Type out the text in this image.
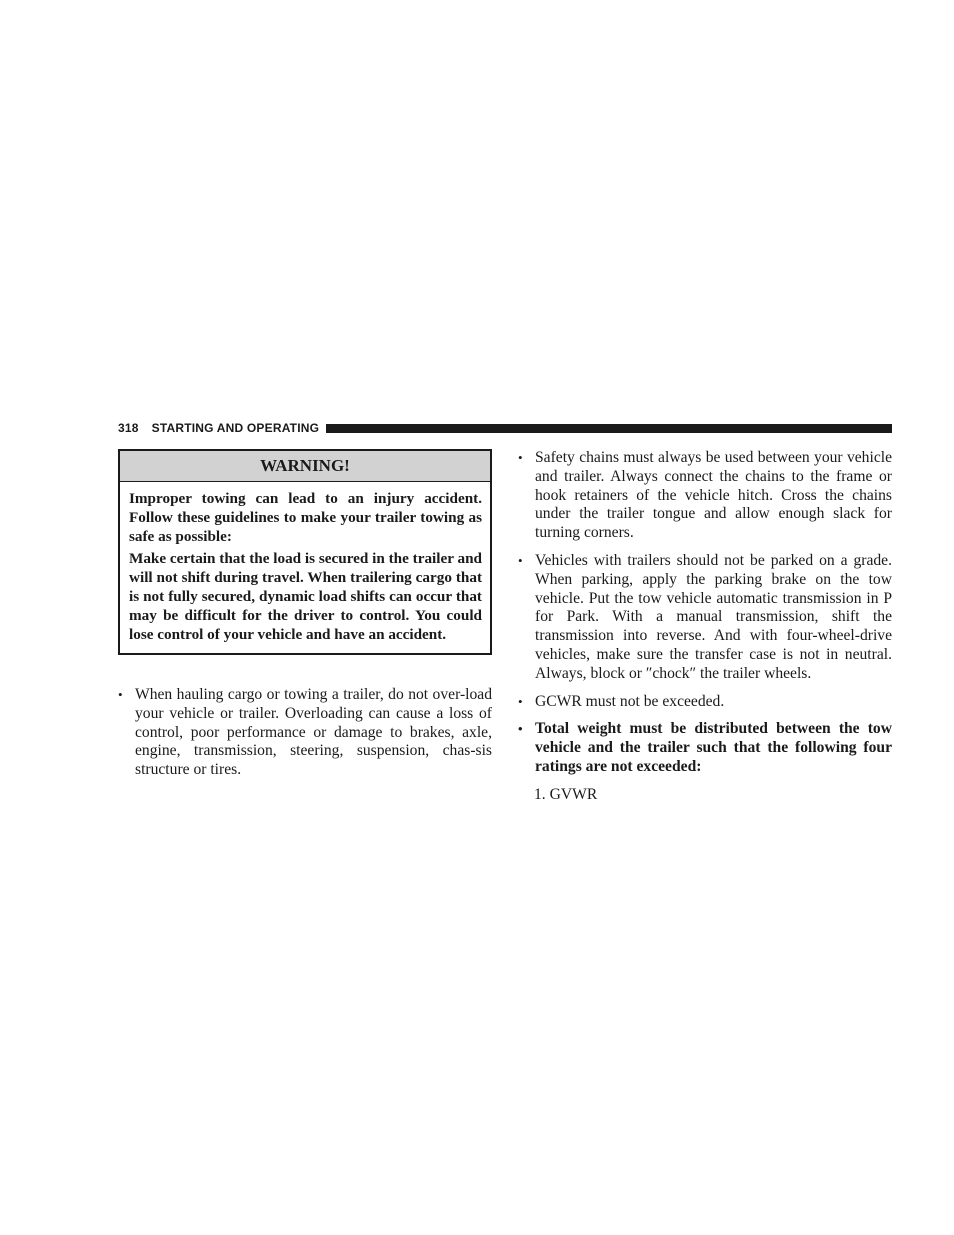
318 STARTING AND OPERATING
WARNING!

Improper towing can lead to an injury accident. Follow these guidelines to make your trailer towing as safe as possible:

Make certain that the load is secured in the trailer and will not shift during travel. When trailering cargo that is not fully secured, dynamic load shifts can occur that may be difficult for the driver to control. You could lose control of your vehicle and have an accident.

• When hauling cargo or towing a trailer, do not over-load your vehicle or trailer. Overloading can cause a loss of control, poor performance or damage to brakes, axle, engine, transmission, steering, suspension, chas-sis structure or tires.
• Safety chains must always be used between your vehicle and trailer. Always connect the chains to the frame or hook retainers of the vehicle hitch. Cross the chains under the trailer tongue and allow enough slack for turning corners.
• Vehicles with trailers should not be parked on a grade. When parking, apply the parking brake on the tow vehicle. Put the tow vehicle automatic transmission in P for Park. With a manual transmission, shift the transmission into reverse. And with four-wheel-drive vehicles, make sure the transfer case is not in neutral. Always, block or ″chock″ the trailer wheels.
• GCWR must not be exceeded.
• Total weight must be distributed between the tow vehicle and the trailer such that the following four ratings are not exceeded:
1. GVWR
